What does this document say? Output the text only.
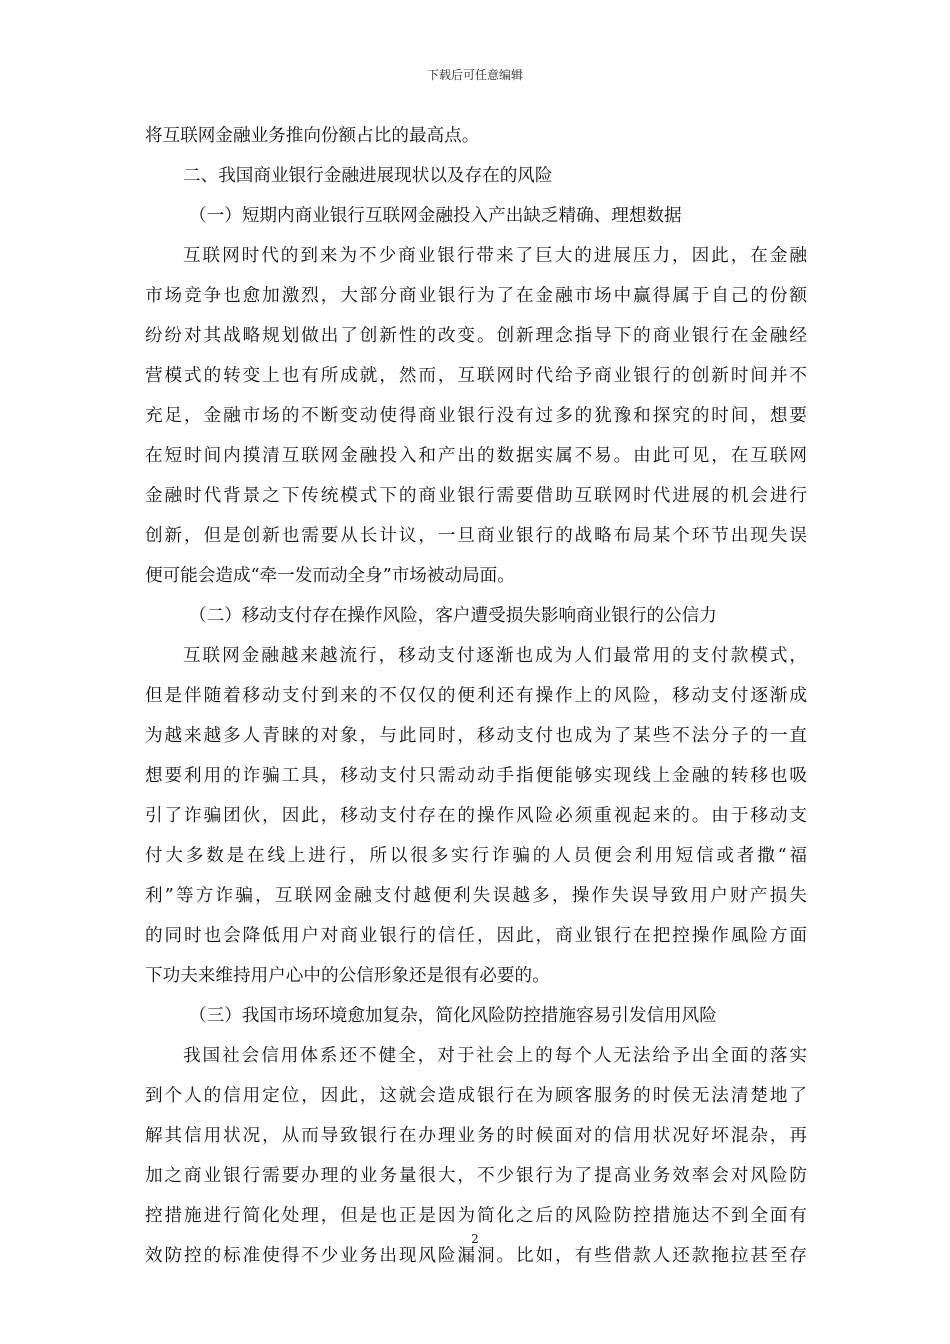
下载后可任意编辑
将互联网金融业务推向份额占比的最高点。
二、我国商业银行金融进展现状以及存在的风险
（一）短期内商业银行互联网金融投入产出缺乏精确、理想数据
互联网时代的到来为不少商业银行带来了巨大的进展压力，因此，在金融
市场竞争也愈加激烈，大部分商业银行为了在金融市场中赢得属于自己的份额
纷纷对其战略规划做出了创新性的改变。创新理念指导下的商业银行在金融经
营模式的转变上也有所成就，然而，互联网时代给予商业银行的创新时间并不
充足，金融市场的不断变动使得商业银行没有过多的犹豫和探究的时间，想要
在短时间内摸清互联网金融投入和产出的数据实属不易。由此可见，在互联网
金融时代背景之下传统模式下的商业银行需要借助互联网时代进展的机会进行
创新，但是创新也需要从长计议，一旦商业银行的战略布局某个环节出现失误
便可能会造成“牵一发而动全身”市场被动局面。
（二）移动支付存在操作风险，客户遭受损失影响商业银行的公信力
互联网金融越来越流行，移动支付逐渐也成为人们最常用的支付款模式，
但是伴随着移动支付到来的不仅仅的便利还有操作上的风险，移动支付逐渐成
为越来越多人青睐的对象，与此同时，移动支付也成为了某些不法分子的一直
想要利用的诈骗工具，移动支付只需动动手指便能够实现线上金融的转移也吸
引了诈骗团伙，因此，移动支付存在的操作风险必须重视起来的。由于移动支
付大多数是在线上进行，所以很多实行诈骗的人员便会利用短信或者撒“福
利”等方诈骗，互联网金融支付越便利失误越多，操作失误导致用户财产损失
的同时也会降低用户对商业银行的信任，因此，商业银行在把控操作風险方面
下功夫来维持用户心中的公信形象还是很有必要的。
（三）我国市场环境愈加复杂，简化风险防控措施容易引发信用风险
我国社会信用体系还不健全，对于社会上的每个人无法给予出全面的落实
到个人的信用定位，因此，这就会造成银行在为顾客服务的时侯无法清楚地了
解其信用状况，从而导致银行在办理业务的时候面对的信用状况好坏混杂，再
加之商业银行需要办理的业务量很大，不少银行为了提高业务效率会对风险防
控措施进行简化处理，但是也正是因为简化之后的风险防控措施达不到全面有
效防控的标准使得不少业务出现风险漏洞。比如，有些借款人还款拖拉甚至存
2
